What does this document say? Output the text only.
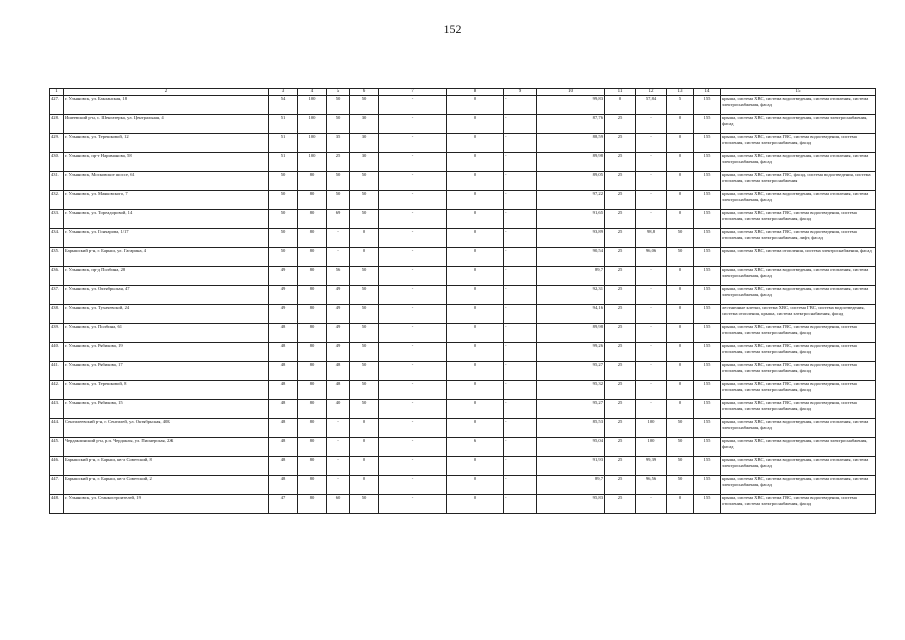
152
1	2	3	4	5	6	7	8	9	10	11	12	13	14	15
427.	г. Ульяновск, ул. Бакланская, 18	54	100	50	50	-	0	-	99,83	0	57,84	5	155	крыша, система ХВС, система водоотведения, система отопления, система электроснабжения, фасад
428.	Ишеевский р-н, с. Шенгатерка, ул. Центральная, 4	51	100	50	30	-	0	-	87,76	25	-	0	155	крыша, система ХВС, система водоотведения, система электроснабжения, фасад
429.	г. Ульяновск, ул. Терешковой, 12	51	100	35	30	-	0	-	88,59	25	-	0	155	крыша, система ХВС, система ГВС, система водоотведения, система отопления, система электроснабжения, фасад
430.	г. Ульяновск, пр-т Нариманова, 58	51	100	25	30	-	0	-	89,98	25	-	0	155	крыша, система ХВС, система водоотведения, система отопления, система электроснабжения, фасад
431.	г. Ульяновск, Московское шоссе, 61	50	80	50	50	-	0	-	89,05	25	-	0	155	крыша, система ХВС, система ГВС, фасад, система водоотведения, система отопления, система электроснабжения
432.	г. Ульяновск, ул. Маяковского, 7	50	80	50	50	-	0	-	97,22	25	-	0	155	крыша, система ХВС, система водоотведения, система отопления, система электроснабжения, фасад
433.	г. Ульяновск, ул. Тореадоровой, 14	50	80	69	50	-	0	-	91,65	25	-	0	155	крыша, система ХВС, система ГВС, система водоотведения, система отопления, система электроснабжения, фасад
434.	г. Ульяновск, ул. Гончарова, 1/17	50	80	-	0	-	0	-	93,89	25	98,8	50	155	крыша, система ХВС, система ГВС, система водоотведения, система отопления, система электроснабжения, лифт, фасад
435.	Барышский р-н, г. Барыш, ул. Гагарина, 4	50	80	-	0	-	0	-	90,54	25	96,06	50	155	крыша, система ХВС, система отопления, система электроснабжения, фасад
436.	г. Ульяновск, пр-д Полбина, 28	49	80	56	50	-	0	-	89,7	25	-	0	155	крыша, система ХВС, система водоотведения, система отопления, система электроснабжения, фасад
437.	г. Ульяновск, ул. Октябрьская, 47	49	80	49	50	-	0	-	92,31	25	-	0	155	крыша, система ХВС, система водоотведения, система отопления, система электроснабжения, фасад
438.	г. Ульяновск, ул. Тухачевской, 24	49	80	49	50	-	0	-	94,16	25	-	0	155	лестничные клетки, система ХВС, система ГВС, система водоотведения, система отопления, крыша, система электроснабжения, фасад
439.	г. Ульяновск, ул. Полбина, 61	48	80	49	50	-	0	-	89,98	25	-	0	155	крыша, система ХВС, система ГВС, система водоотведения, система отопления, система электроснабжения, фасад
440.	г. Ульяновск, ул. Рябикова, 19	48	80	49	50	-	0	-	99,26	25	-	0	155	крыша, система ХВС, система ГВС, система водоотведения, система отопления, система электроснабжения, фасад
441.	г. Ульяновск, ул. Рябикова, 17	48	80	48	50	-	0	-	95,27	25	-	0	155	крыша, система ХВС, система ГВС, система водоотведения, система отопления, система электроснабжения, фасад
442.	г. Ульяновск, ул. Терешковой, 8	48	80	48	50	-	0	-	95,32	25	-	0	155	крыша, система ХВС, система ГВС, система водоотведения, система отопления, система электроснабжения, фасад
443.	г. Ульяновск, ул. Рябикова, 15	48	80	40	50	-	0	-	95,27	25	-	0	155	крыша, система ХВС, система ГВС, система водоотведения, система отопления, система электроснабжения, фасад
444.	Сенгилеевский р-н, г. Сенгилей, ул. Октябрьская, 40Б	48	80	-	0	-	0	-	85,53	25	100	50	155	крыша, система ХВС, система водоотведения, система отопления, система электроснабжения, фасад
445.	Чердаклинский р-н, р.п. Чердаклы, ул. Пионерская, 2Ж	48	80	-	0	-	6	-	95,04	25	100	50	155	крыша, система ХВС, система водоотведения, система электроснабжения, фасад
446.	Барышский р-н, г. Барыш, кв-л Советский, 8	48	80	-	0	-	0	-	91,93	25	99,39	50	155	крыша, система ХВС, система водоотведения, система отопления, система электроснабжения, фасад
447.	Барышский р-н, г. Барыш, кв-л Советский, 2	48	80	-	0	-	0	-	89,7	25	96,56	50	155	крыша, система ХВС, система водоотведения, система отопления, система электроснабжения, фасад
448.	г. Ульяновск, ул. Станкостроителей, 19	47	80	60	50	-	0	-	95,83	25	-	0	155	крыша, система ХВС, система ГВС, система водоотведения, система отопления, система электроснабжения, фасад
